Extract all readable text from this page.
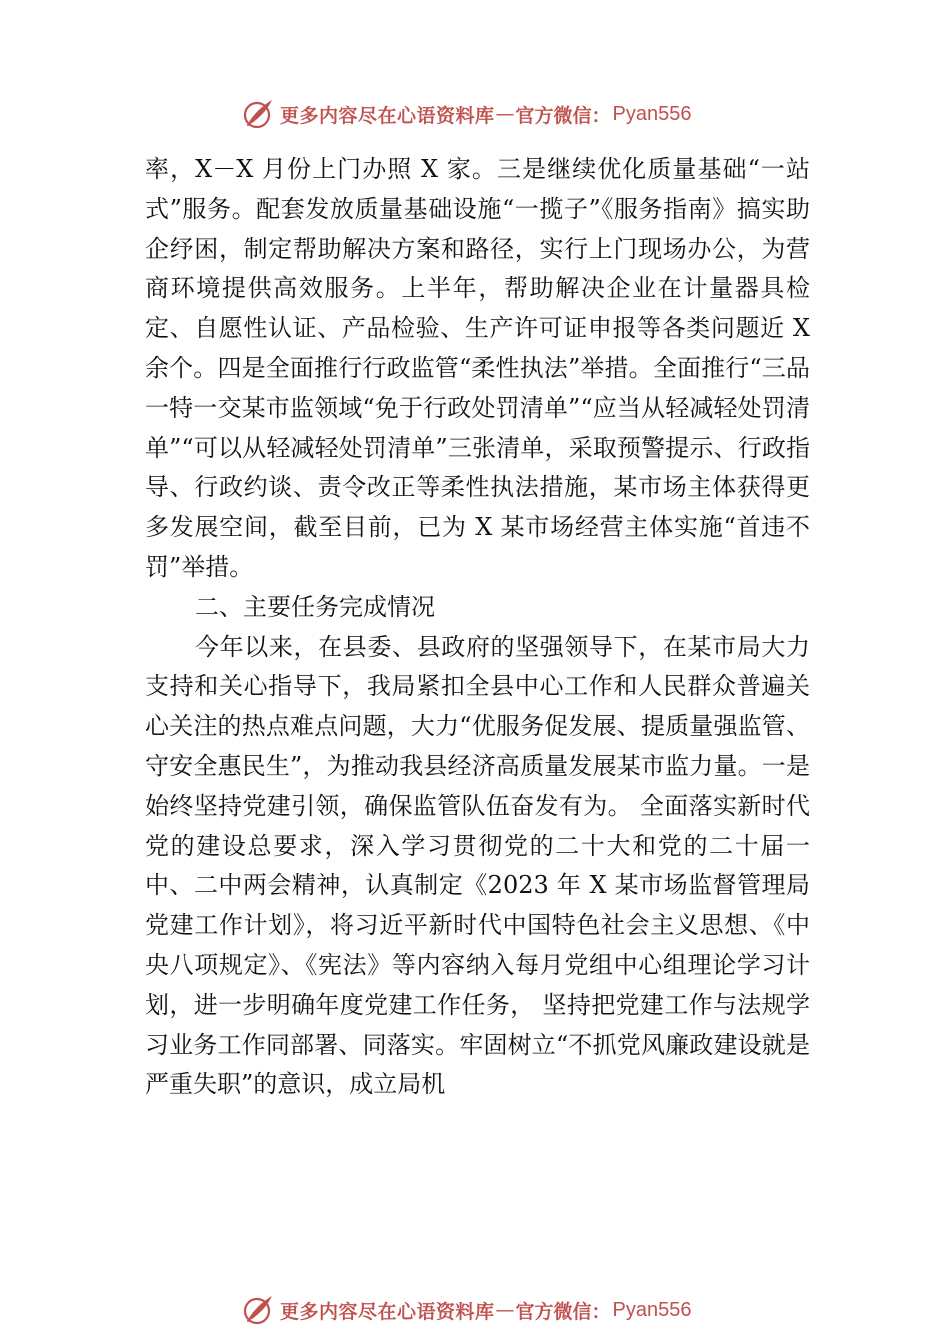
更多内容尽在心语资料库 — 官方微信： Pyan556

率，X－X 月份上门办照 X 家。三是继续优化质量基础“一站式”服务。配套发放质量基础设施“一揽子”《服务指南》搞实助企纾困，制定帮助解决方案和路径，实行上门现场办公，为营商环境提供高效服务。上半年，帮助解决企业在计量器具检定、自愿性认证、产品检验、生产许可证申报等各类问题近 X 余个。四是全面推行行政监管“柔性执法”举措。全面推行“三品一特一交某市监领域“免于行政处罚清单”“应当从轻减轻处罚清单”“可以从轻减轻处罚清单”三张清单，采取预警提示、行政指导、行政约谈、责令改正等柔性执法措施，某市场主体获得更多发展空间，截至目前，已为 X 某市场经营主体实施“首违不罚”举措。

二、主要任务完成情况

今年以来，在县委、县政府的坚强领导下，在某市局大力支持和关心指导下，我局紧扣全县中心工作和人民群众普遍关心关注的热点难点问题，大力“优服务促发展、提质量强监管、守安全惠民生”，为推动我县经济高质量发展某市监力量。一是始终坚持党建引领，确保监管队伍奋发有为。 全面落实新时代党的建设总要求，深入学习贯彻党的二十大和党的二十届一中、二中两会精神，认真制定《2023 年 X 某市场监督管理局党建工作计划》，将习近平新时代中国特色社会主义思想、《中央八项规定》、《宪法》等内容纳入每月党组中心组理论学习计划，进一步明确年度党建工作任务， 坚持把党建工作与法规学习业务工作同部署、同落实。牢固树立“不抓党风廉政建设就是严重失职”的意识，成立局机

更多内容尽在心语资料库 — 官方微信： Pyan556
